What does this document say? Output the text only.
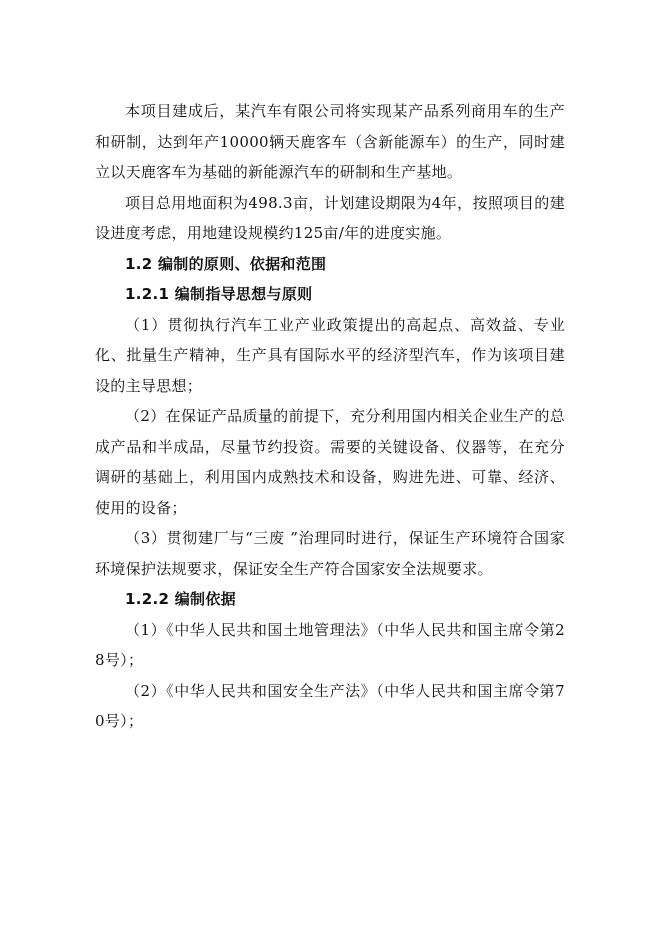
本项目建成后，某汽车有限公司将实现某产品系列商用车的生产和研制，达到年产10000辆天鹿客车（含新能源车）的生产，同时建立以天鹿客车为基础的新能源汽车的研制和生产基地。

项目总用地面积为498.3亩，计划建设期限为4年，按照项目的建设进度考虑，用地建设规模约125亩/年的进度实施。

1.2 编制的原则、依据和范围

1.2.1 编制指导思想与原则

（1）贯彻执行汽车工业产业政策提出的高起点、高效益、专业化、批量生产精神，生产具有国际水平的经济型汽车，作为该项目建设的主导思想；

（2）在保证产品质量的前提下，充分利用国内相关企业生产的总成产品和半成品，尽量节约投资。需要的关键设备、仪器等，在充分调研的基础上，利用国内成熟技术和设备，购进先进、可靠、经济、使用的设备；

（3）贯彻建厂与“三废 ”治理同时进行，保证生产环境符合国家环境保护法规要求，保证安全生产符合国家安全法规要求。

1.2.2 编制依据

（1）《中华人民共和国土地管理法》（中华人民共和国主席令第28号）；

（2）《中华人民共和国安全生产法》（中华人民共和国主席令第70号）；
